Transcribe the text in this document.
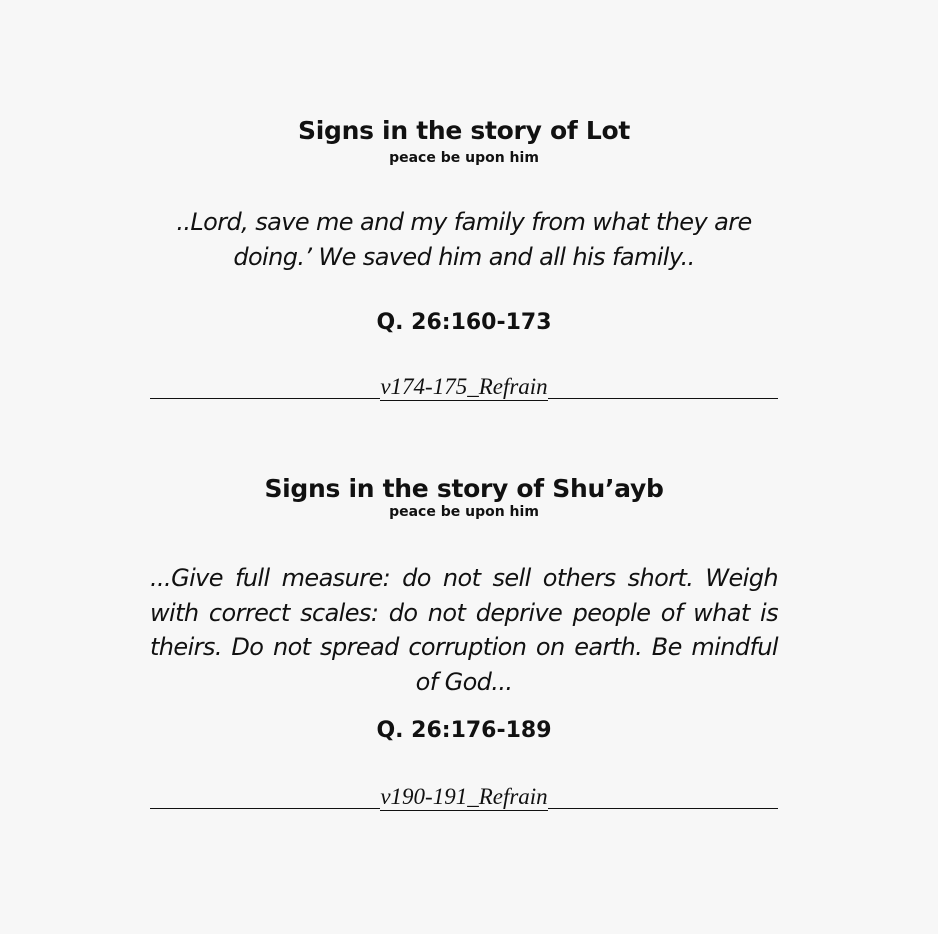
Signs in the story of Lot
peace be upon him
..Lord, save me and my family from what they are doing.’ We saved him and all his family..
Q. 26:160-173
v174-175_Refrain
Signs in the story of Shu’ayb
peace be upon him
...Give full measure: do not sell others short. Weigh with correct scales: do not deprive people of what is theirs. Do not spread corruption on earth. Be mindful of God...
Q. 26:176-189
v190-191_Refrain
